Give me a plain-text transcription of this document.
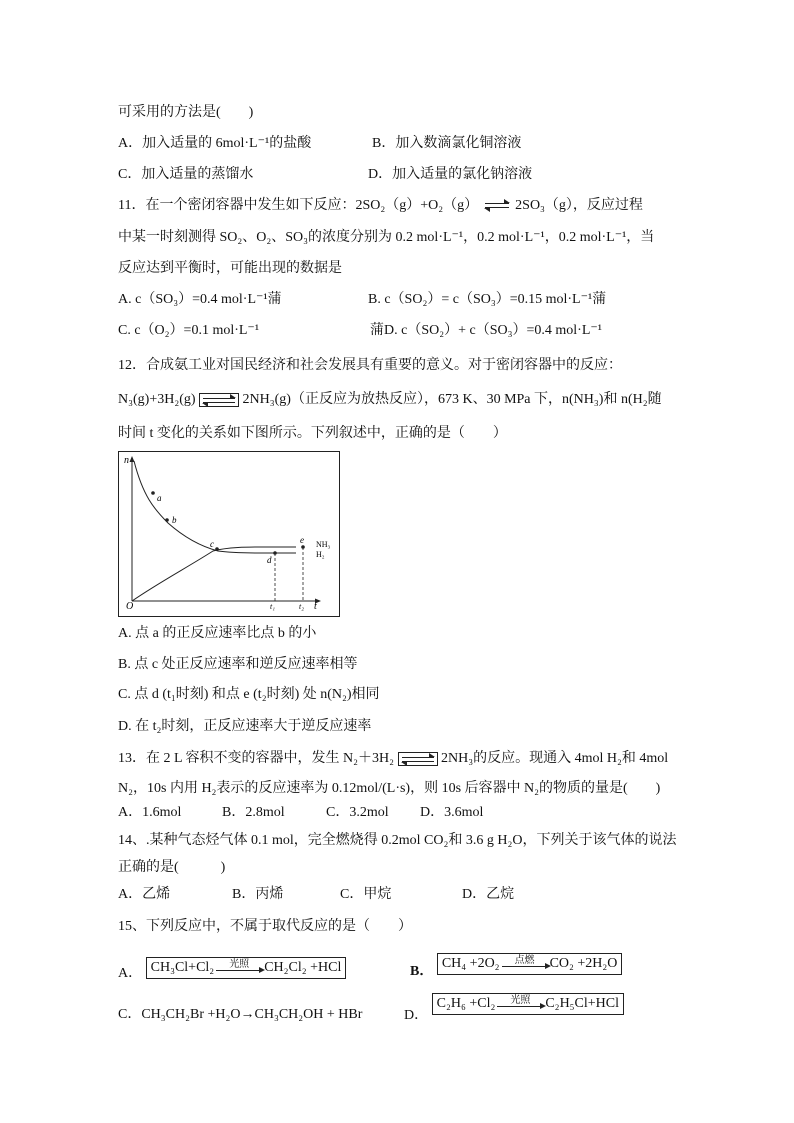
可采用的方法是(　　)
A．加入适量的 6mol·L⁻¹的盐酸	B．加入数滴氯化铜溶液
C．加入适量的蒸馏水	D．加入适量的氯化钠溶液
11．在一个密闭容器中发生如下反应：2SO₂（g）+O₂（g） ⇌ 2SO₃（g），反应过程
中某一时刻测得 SO₂、O₂、SO₃的浓度分别为 0.2 mol·L⁻¹，0.2 mol·L⁻¹，0.2 mol·L⁻¹，当
反应达到平衡时，可能出现的数据是
A. c（SO₃）=0.4 mol·L⁻¹蒲	B. c（SO₂）= c（SO₃）=0.15 mol·L⁻¹蒲
C. c（O₂）=0.1 mol·L⁻¹	蒲D. c（SO₂）+ c（SO₃）=0.4 mol·L⁻¹
12．合成氨工业对国民经济和社会发展具有重要的意义。对于密闭容器中的反应：
N₃(g)+3H₂(g)	2NH₃(g)（正反应为放热反应），673 K、30 MPa 下，n(NH₃)和 n(H₂随
时间 t 变化的关系如下图所示。下列叙述中，正确的是（　　）
n
t
O
a
b
c
d
e
t₁	t₂
NH₃
H₂
A. 点 a 的正反应速率比点 b 的小
B. 点 c 处正反应速率和逆反应速率相等
C. 点 d (t₁时刻) 和点 e (t₂时刻) 处 n(N₂)相同
D. 在 t₂时刻，正反应速率大于逆反应速率
13．在 2 L 容积不变的容器中，发生 N₂＋3H₂	2NH₃的反应。现通入 4mol H₂和 4mol
N₂，10s 内用 H₂表示的反应速率为 0.12mol/(L·s)，则 10s 后容器中 N₂的物质的量是(　　)
A．1.6mol	B．2.8mol	C．3.2mol D．3.6mol
14、.某种气态烃气体 0.1 mol，完全燃烧得 0.2mol CO₂和 3.6 g H₂O，下列关于该气体的说法
正确的是(　　　)
A．乙烯	B．丙烯	C．甲烷	D．乙烷
15、下列反应中，不属于取代反应的是（　　）
A． CH₃Cl+Cl₂	光照	CH₂Cl₂ +HCl	B． CH₄ +2O₂	点燃	CO₂ +2H₂O
C．CH₃CH₂Br +H₂O→CH₃CH₂OH + HBr	D． C₂H₆ +Cl₂	光照	C₂H₅Cl+HCl
